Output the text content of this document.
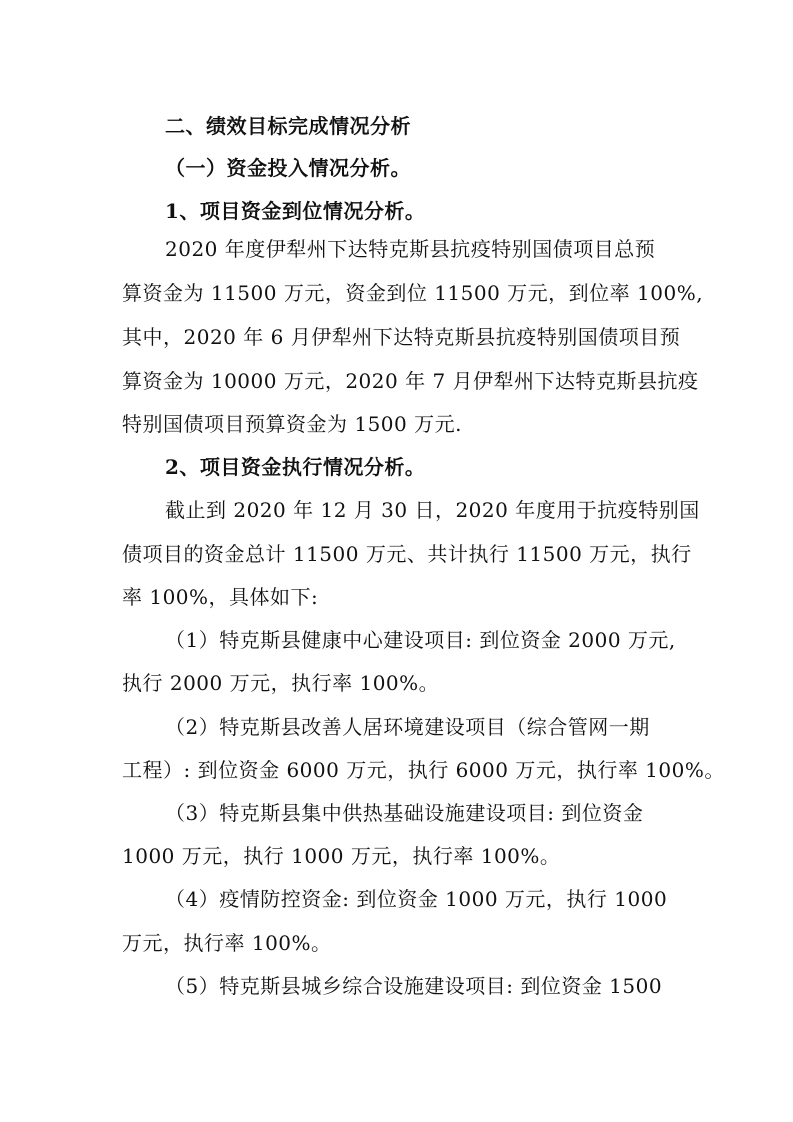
二、绩效目标完成情况分析
（一）资金投入情况分析。
1、项目资金到位情况分析。
2020 年度伊犁州下达特克斯县抗疫特别国债项目总预
算资金为 11500 万元，资金到位 11500 万元，到位率 100%,
其中，2020 年 6 月伊犁州下达特克斯县抗疫特别国债项目预
算资金为 10000 万元，2020 年 7 月伊犁州下达特克斯县抗疫
特别国债项目预算资金为 1500 万元.
2、项目资金执行情况分析。
截止到 2020 年 12 月 30 日，2020 年度用于抗疫特别国
债项目的资金总计 11500 万元、共计执行 11500 万元，执行
率 100%，具体如下:
（1）特克斯县健康中心建设项目: 到位资金 2000 万元,
执行 2000 万元，执行率 100%。
（2）特克斯县改善人居环境建设项目（综合管网一期
工程）: 到位资金 6000 万元，执行 6000 万元，执行率 100%。
（3）特克斯县集中供热基础设施建设项目: 到位资金
1000 万元，执行 1000 万元，执行率 100%。
（4）疫情防控资金: 到位资金 1000 万元，执行 1000
万元，执行率 100%。
（5）特克斯县城乡综合设施建设项目: 到位资金 1500
